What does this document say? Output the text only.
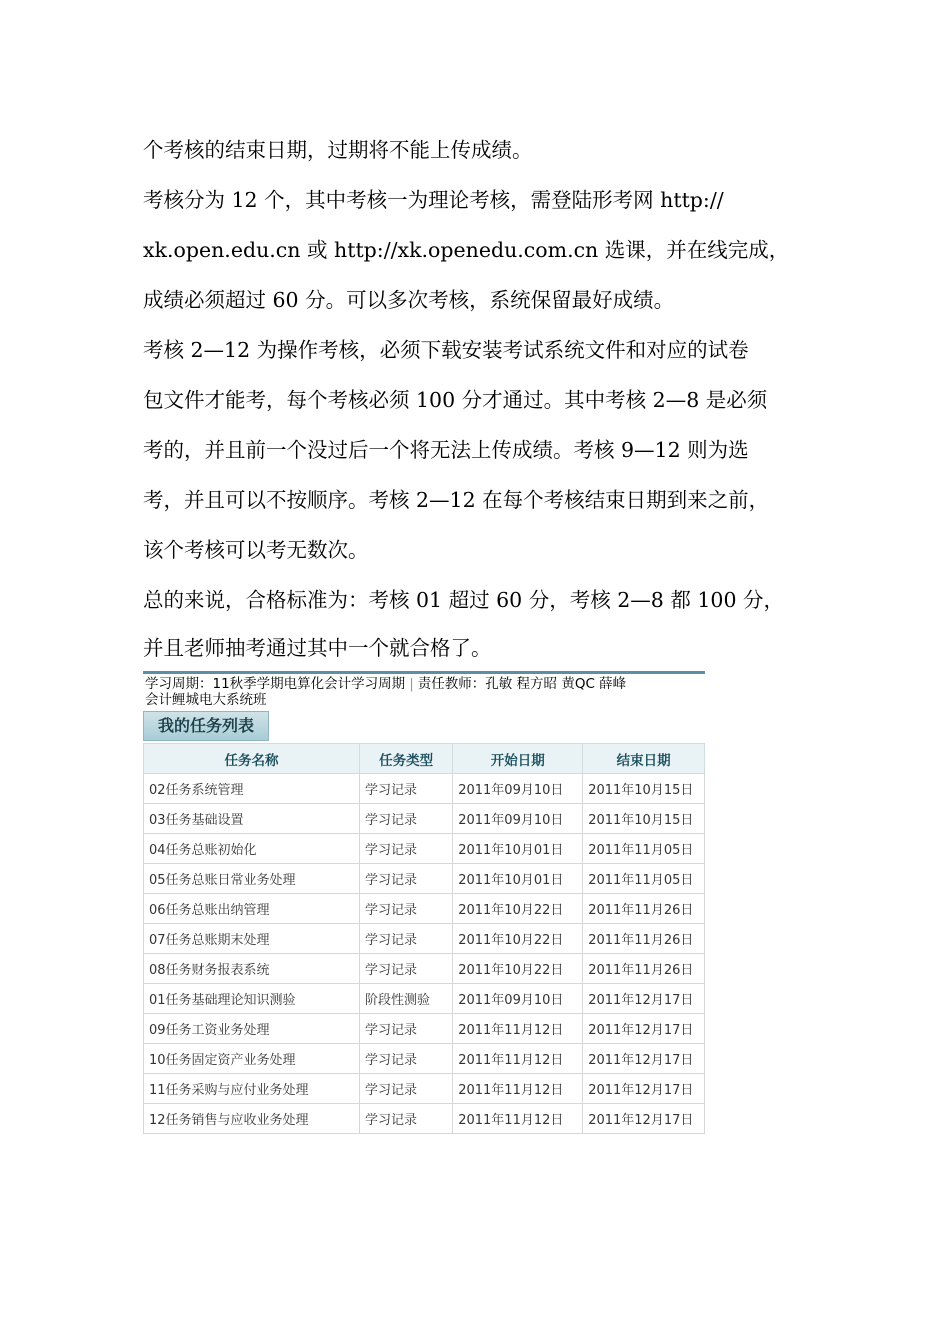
个考核的结束日期，过期将不能上传成绩。

考核分为 12 个，其中考核一为理论考核，需登陆形考网 http://

xk.open.edu.cn 或 http://xk.openedu.com.cn 选课，并在线完成，

成绩必须超过 60 分。可以多次考核，系统保留最好成绩。

考核 2—12 为操作考核，必须下载安装考试系统文件和对应的试卷

包文件才能考，每个考核必须 100 分才通过。其中考核 2—8 是必须

考的，并且前一个没过后一个将无法上传成绩。考核 9—12 则为选

考，并且可以不按顺序。考核 2—12 在每个考核结束日期到来之前，

该个考核可以考无数次。

总的来说，合格标准为：考核 01 超过 60 分，考核 2—8 都 100 分，

并且老师抽考通过其中一个就合格了。

学习周期：11秋季学期电算化会计学习周期 | 责任教师：孔敏 程方昭 黄QC 薛峰
会计鲤城电大系统班
我的任务列表
任务名称	任务类型	开始日期	结束日期
02任务系统管理	学习记录	2011年09月10日	2011年10月15日
03任务基础设置	学习记录	2011年09月10日	2011年10月15日
04任务总账初始化	学习记录	2011年10月01日	2011年11月05日
05任务总账日常业务处理	学习记录	2011年10月01日	2011年11月05日
06任务总账出纳管理	学习记录	2011年10月22日	2011年11月26日
07任务总账期末处理	学习记录	2011年10月22日	2011年11月26日
08任务财务报表系统	学习记录	2011年10月22日	2011年11月26日
01任务基础理论知识测验	阶段性测验	2011年09月10日	2011年12月17日
09任务工资业务处理	学习记录	2011年11月12日	2011年12月17日
10任务固定资产业务处理	学习记录	2011年11月12日	2011年12月17日
11任务采购与应付业务处理	学习记录	2011年11月12日	2011年12月17日
12任务销售与应收业务处理	学习记录	2011年11月12日	2011年12月17日
